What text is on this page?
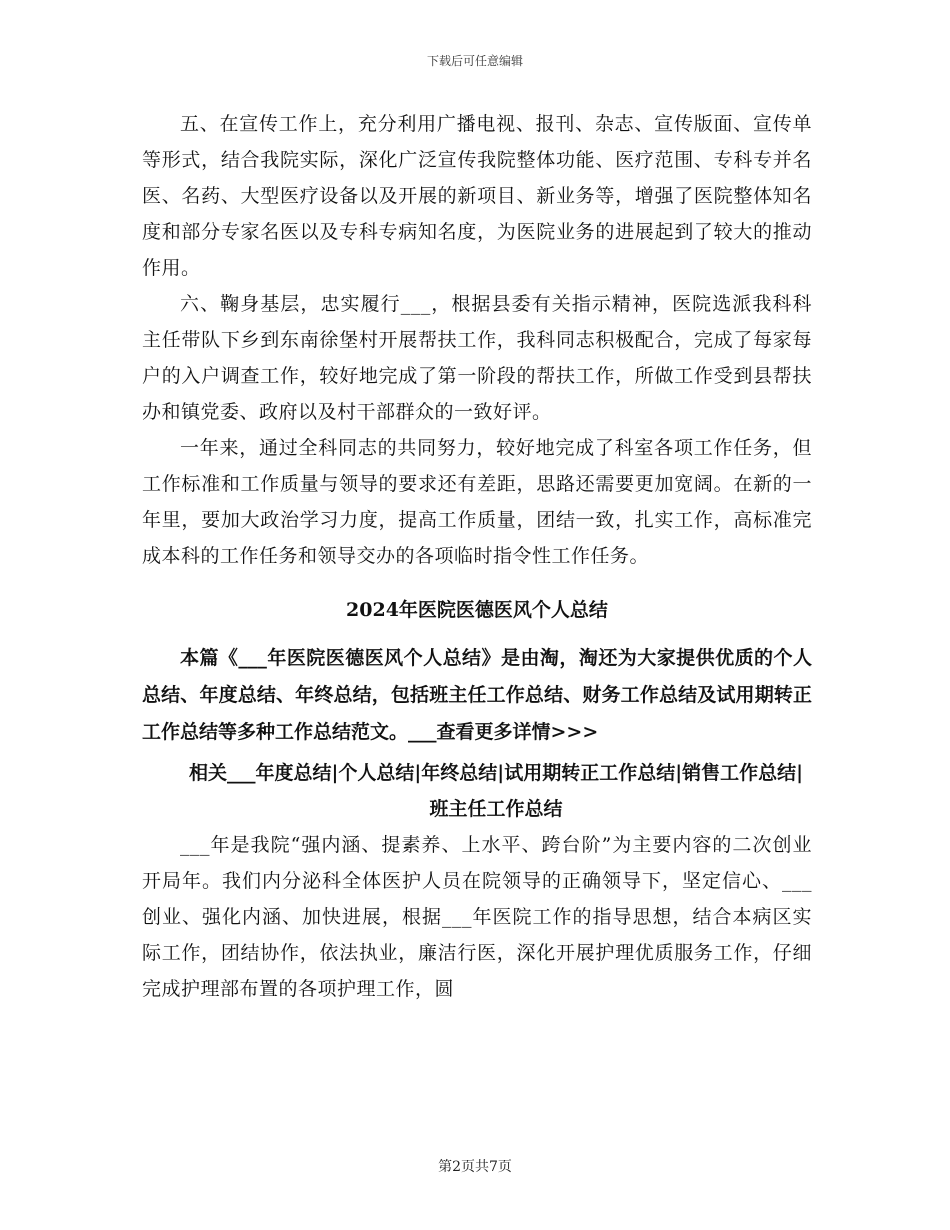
下载后可任意编辑

五、在宣传工作上，充分利用广播电视、报刊、杂志、宣传版面、宣传单等形式，结合我院实际，深化广泛宣传我院整体功能、医疗范围、专科专并名医、名药、大型医疗设备以及开展的新项目、新业务等，增强了医院整体知名度和部分专家名医以及专科专病知名度，为医院业务的进展起到了较大的推动作用。

六、鞠身基层，忠实履行___，根据县委有关指示精神，医院选派我科科主任带队下乡到东南徐堡村开展帮扶工作，我科同志积极配合，完成了每家每户的入户调查工作，较好地完成了第一阶段的帮扶工作，所做工作受到县帮扶办和镇党委、政府以及村干部群众的一致好评。

一年来，通过全科同志的共同努力，较好地完成了科室各项工作任务，但工作标准和工作质量与领导的要求还有差距，思路还需要更加宽阔。在新的一年里，要加大政治学习力度，提高工作质量，团结一致，扎实工作，高标准完成本科的工作任务和领导交办的各项临时指令性工作任务。

2024年医院医德医风个人总结

本篇《___年医院医德医风个人总结》是由淘，淘还为大家提供优质的个人总结、年度总结、年终总结，包括班主任工作总结、财务工作总结及试用期转正工作总结等多种工作总结范文。___查看更多详情>>>

相关___年度总结|个人总结|年终总结|试用期转正工作总结|销售工作总结|班主任工作总结

___年是我院“强内涵、提素养、上水平、跨台阶”为主要内容的二次创业开局年。我们内分泌科全体医护人员在院领导的正确领导下，坚定信心、___创业、强化内涵、加快进展，根据___年医院工作的指导思想，结合本病区实际工作，团结协作，依法执业，廉洁行医，深化开展护理优质服务工作，仔细完成护理部布置的各项护理工作，圆

第2页共7页
